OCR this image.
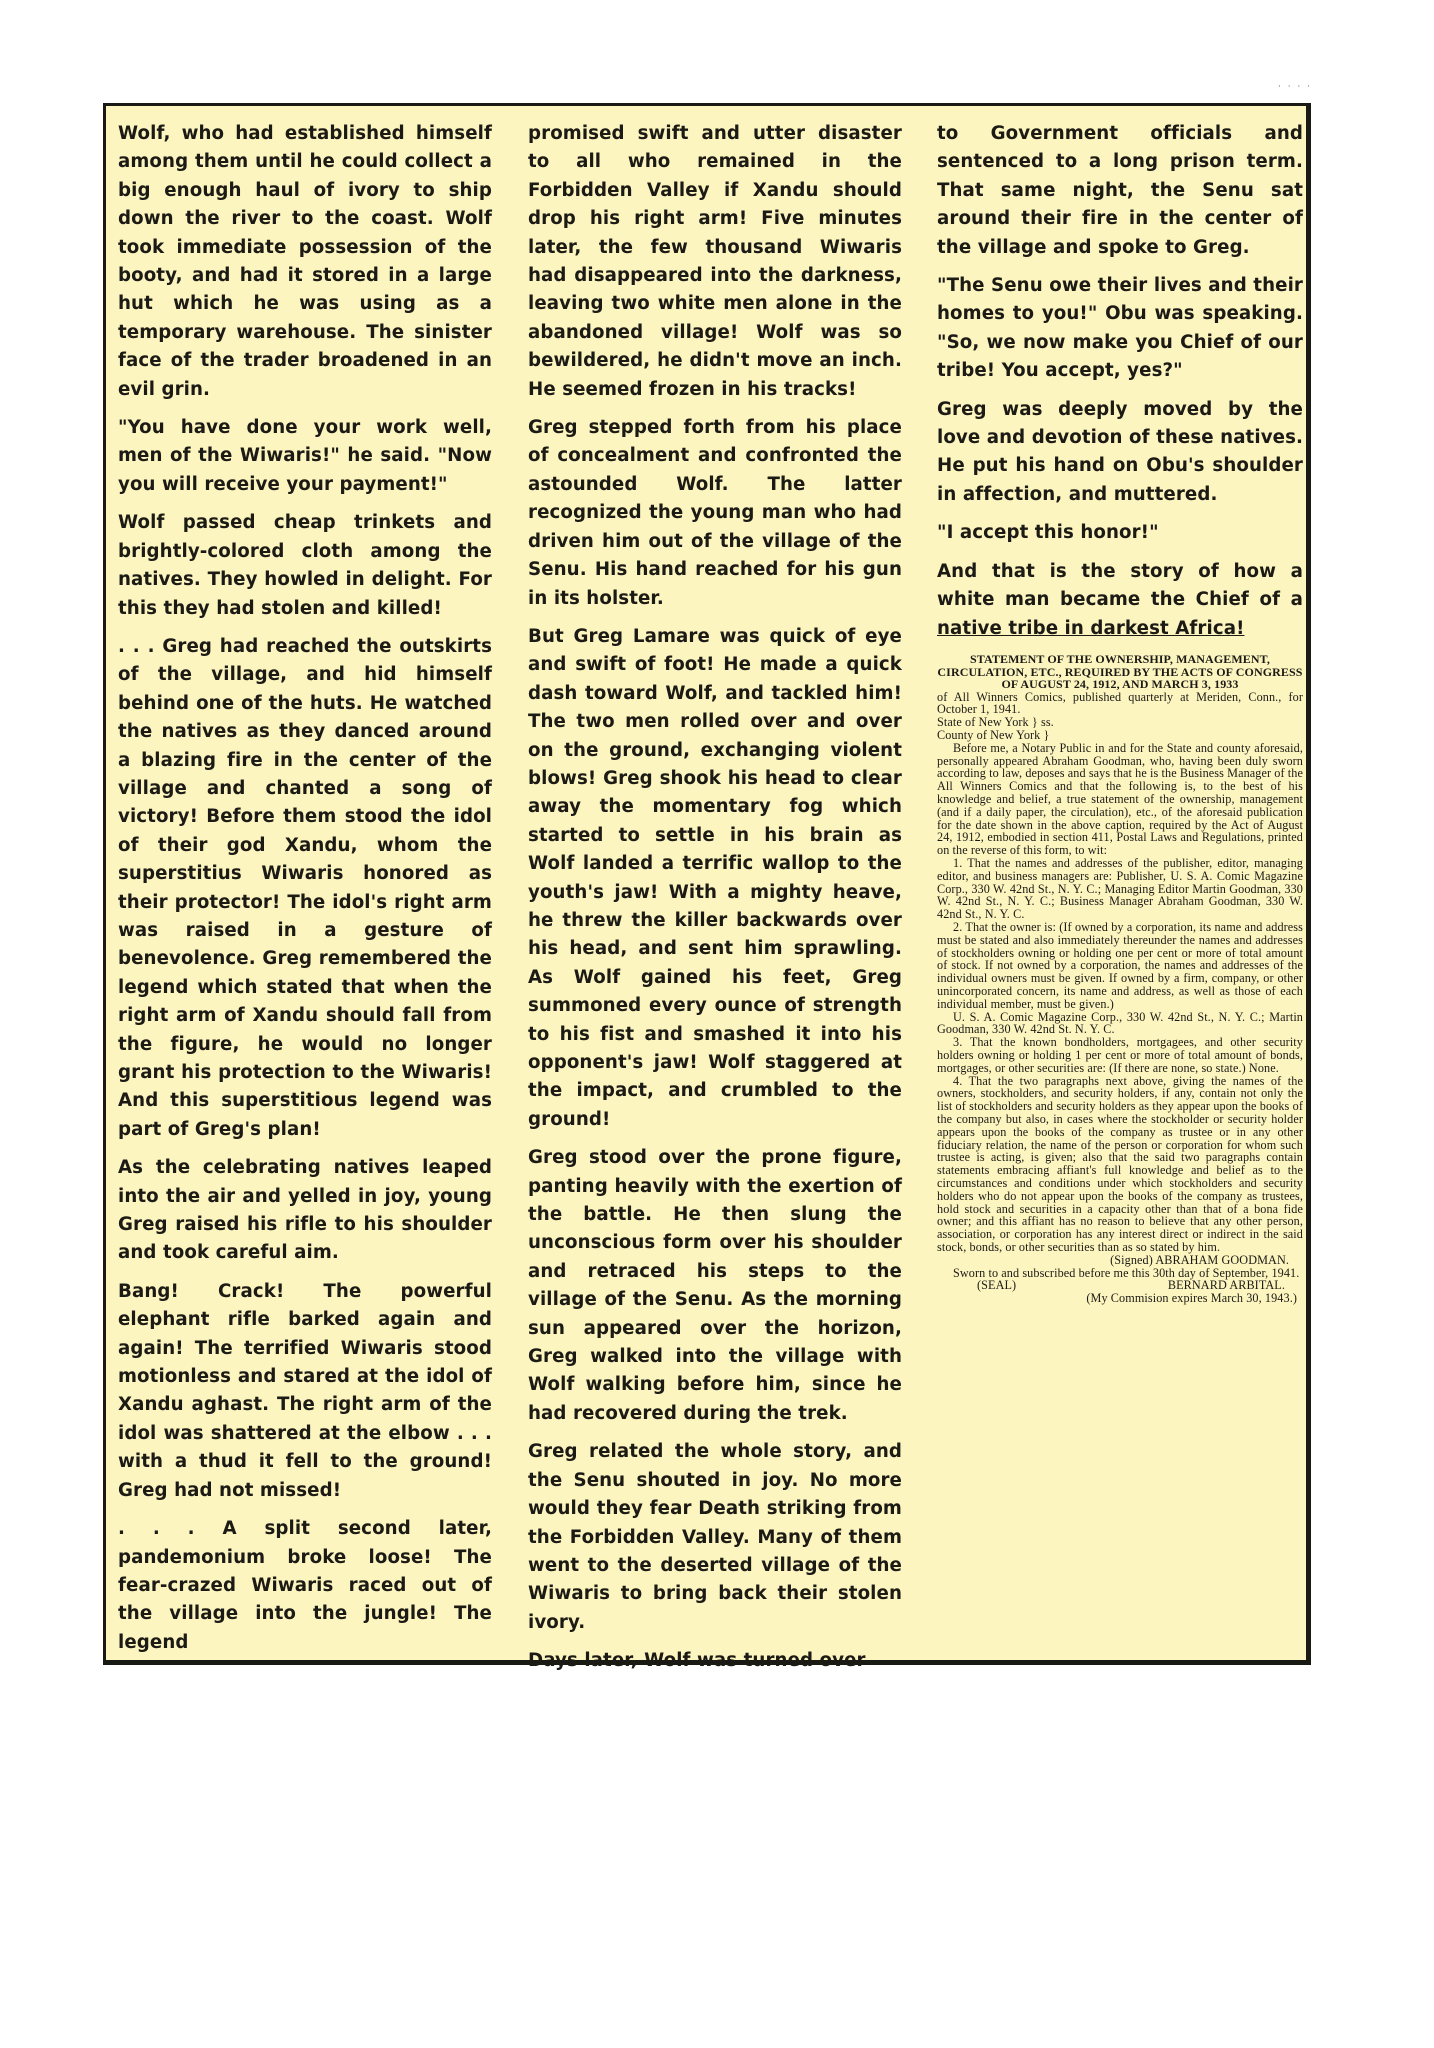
· · · ·

Wolf, who had established himself among them until he could collect a big enough haul of ivory to ship down the river to the coast. Wolf took immediate possession of the booty, and had it stored in a large hut which he was using as a temporary warehouse. The sinister face of the trader broadened in an evil grin.

"You have done your work well, men of the Wiwaris!" he said. "Now you will receive your payment!"

Wolf passed cheap trinkets and brightly-colored cloth among the natives. They howled in delight. For this they had stolen and killed!

. . . Greg had reached the outskirts of the village, and hid himself behind one of the huts. He watched the natives as they danced around a blazing fire in the center of the village and chanted a song of victory! Before them stood the idol of their god Xandu, whom the superstitius Wiwaris honored as their protector! The idol's right arm was raised in a gesture of benevolence. Greg remembered the legend which stated that when the right arm of Xandu should fall from the figure, he would no longer grant his protection to the Wiwaris! And this superstitious legend was part of Greg's plan!

As the celebrating natives leaped into the air and yelled in joy, young Greg raised his rifle to his shoulder and took careful aim.

Bang! Crack! The powerful elephant rifle barked again and again! The terrified Wiwaris stood motionless and stared at the idol of Xandu aghast. The right arm of the idol was shattered at the elbow . . . with a thud it fell to the ground! Greg had not missed!

. . . A split second later, pandemonium broke loose! The fear-crazed Wiwaris raced out of the village into the jungle! The legend

promised swift and utter disaster to all who remained in the Forbidden Valley if Xandu should drop his right arm! Five minutes later, the few thousand Wiwaris had disappeared into the darkness, leaving two white men alone in the abandoned village! Wolf was so bewildered, he didn't move an inch. He seemed frozen in his tracks!

Greg stepped forth from his place of concealment and confronted the astounded Wolf. The latter recognized the young man who had driven him out of the village of the Senu. His hand reached for his gun in its holster.

But Greg Lamare was quick of eye and swift of foot! He made a quick dash toward Wolf, and tackled him! The two men rolled over and over on the ground, exchanging violent blows! Greg shook his head to clear away the momentary fog which started to settle in his brain as Wolf landed a terrific wallop to the youth's jaw! With a mighty heave, he threw the killer backwards over his head, and sent him sprawling. As Wolf gained his feet, Greg summoned every ounce of strength to his fist and smashed it into his opponent's jaw! Wolf staggered at the impact, and crumbled to the ground!

Greg stood over the prone figure, panting heavily with the exertion of the battle. He then slung the unconscious form over his shoulder and retraced his steps to the village of the Senu. As the morning sun appeared over the horizon, Greg walked into the village with Wolf walking before him, since he had recovered during the trek.

Greg related the whole story, and the Senu shouted in joy. No more would they fear Death striking from the Forbidden Valley. Many of them went to the deserted village of the Wiwaris to bring back their stolen ivory.

Days later, Wolf was turned over

to Government officials and sentenced to a long prison term. That same night, the Senu sat around their fire in the center of the village and spoke to Greg.

"The Senu owe their lives and their homes to you!" Obu was speaking. "So, we now make you Chief of our tribe! You accept, yes?"

Greg was deeply moved by the love and devotion of these natives. He put his hand on Obu's shoulder in affection, and muttered.

"I accept this honor!"

And that is the story of how a white man became the Chief of a native tribe in darkest Africa!

STATEMENT OF THE OWNERSHIP, MANAGEMENT, CIRCULATION, ETC., REQUIRED BY THE ACTS OF CONGRESS OF AUGUST 24, 1912, AND MARCH 3, 1933

of All Winners Comics, published quarterly at Meriden, Conn., for October 1, 1941.

State of New York } ss.

County of New York }

Before me, a Notary Public in and for the State and county aforesaid, personally appeared Abraham Goodman, who, having been duly sworn according to law, deposes and says that he is the Business Manager of the All Winners Comics and that the following is, to the best of his knowledge and belief, a true statement of the ownership, management (and if a daily paper, the circulation), etc., of the aforesaid publication for the date shown in the above caption, required by the Act of August 24, 1912, embodied in section 411, Postal Laws and Regulations, printed on the reverse of this form, to wit:

1. That the names and addresses of the publisher, editor, managing editor, and business managers are: Publisher, U. S. A. Comic Magazine Corp., 330 W. 42nd St., N. Y. C.; Managing Editor Martin Goodman, 330 W. 42nd St., N. Y. C.; Business Manager Abraham Goodman, 330 W. 42nd St., N. Y. C.

2. That the owner is: (If owned by a corporation, its name and address must be stated and also immediately thereunder the names and addresses of stockholders owning or holding one per cent or more of total amount of stock. If not owned by a corporation, the names and addresses of the individual owners must be given. If owned by a firm, company, or other unincorporated concern, its name and address, as well as those of each individual member, must be given.)

U. S. A. Comic Magazine Corp., 330 W. 42nd St., N. Y. C.; Martin Goodman, 330 W. 42nd St. N. Y. C.

3. That the known bondholders, mortgagees, and other security holders owning or holding 1 per cent or more of total amount of bonds, mortgages, or other securities are: (If there are none, so state.) None.

4. That the two paragraphs next above, giving the names of the owners, stockholders, and security holders, if any, contain not only the list of stockholders and security holders as they appear upon the books of the company but also, in cases where the stockholder or security holder appears upon the books of the company as trustee or in any other fiduciary relation, the name of the person or corporation for whom such trustee is acting, is given; also that the said two paragraphs contain statements embracing affiant's full knowledge and belief as to the circumstances and conditions under which stockholders and security holders who do not appear upon the books of the company as trustees, hold stock and securities in a capacity other than that of a bona fide owner; and this affiant has no reason to believe that any other person, association, or corporation has any interest direct or indirect in the said stock, bonds, or other securities than as so stated by him.

(Signed) ABRAHAM GOODMAN.

Sworn to and subscribed before me this 30th day of September, 1941.

(SEAL)	BERNARD ARBITAL.

(My Commision expires March 30, 1943.)
